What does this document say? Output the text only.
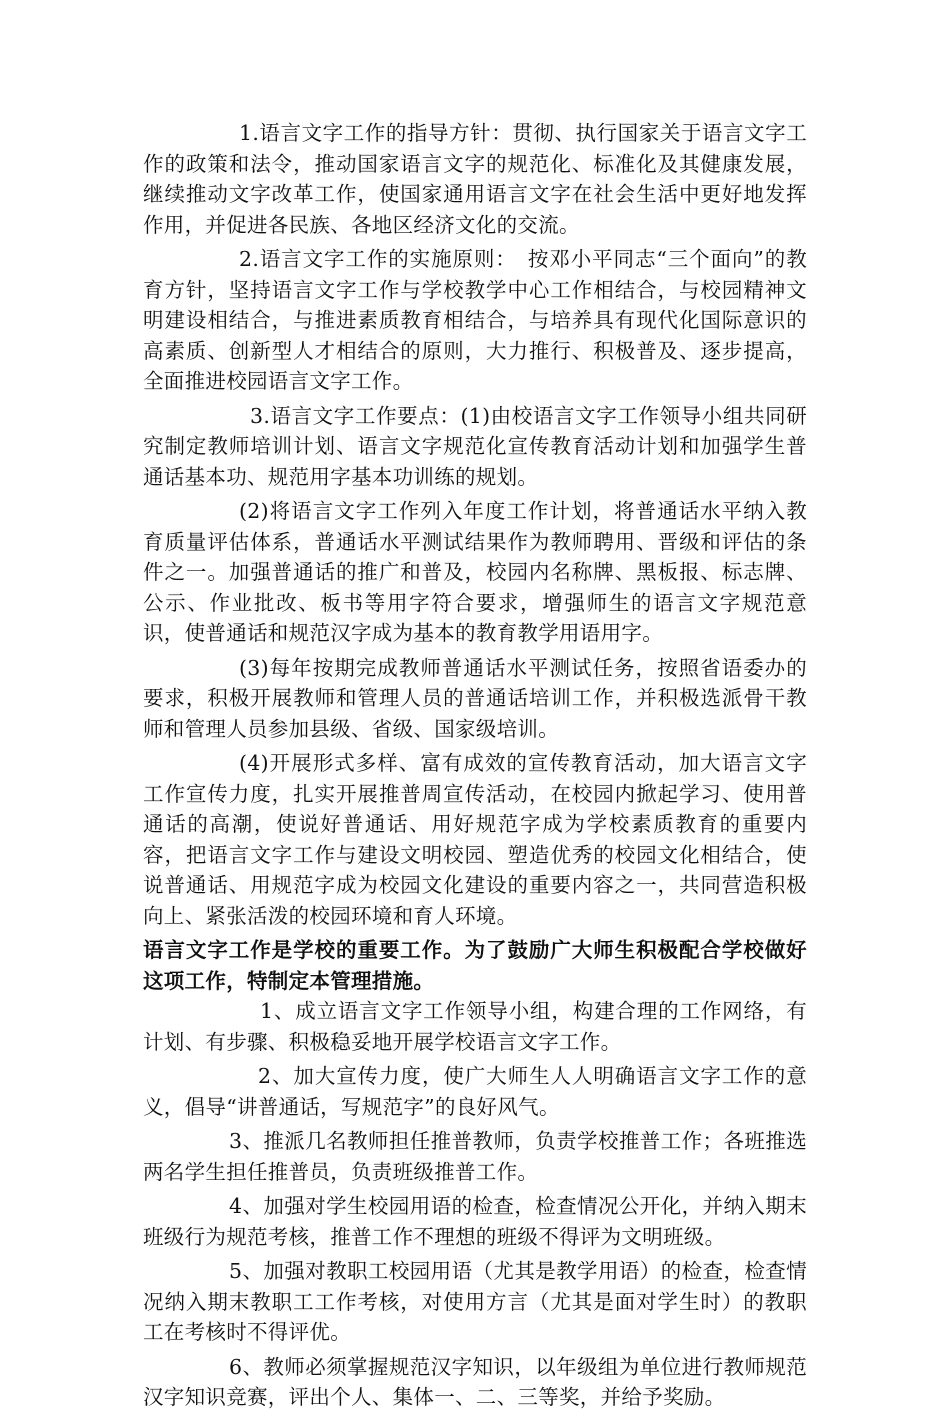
1.语言文字工作的指导方针：贯彻、执行国家关于语言文字工作的政策和法令，推动国家语言文字的规范化、标准化及其健康发展，继续推动文字改革工作，使国家通用语言文字在社会生活中更好地发挥作用，并促进各民族、各地区经济文化的交流。

2.语言文字工作的实施原则：　按邓小平同志“三个面向”的教育方针，坚持语言文字工作与学校教学中心工作相结合，与校园精神文明建设相结合，与推进素质教育相结合，与培养具有现代化国际意识的高素质、创新型人才相结合的原则，大力推行、积极普及、逐步提高，全面推进校园语言文字工作。

3.语言文字工作要点：(1)由校语言文字工作领导小组共同研究制定教师培训计划、语言文字规范化宣传教育活动计划和加强学生普通话基本功、规范用字基本功训练的规划。

(2)将语言文字工作列入年度工作计划，将普通话水平纳入教育质量评估体系，普通话水平测试结果作为教师聘用、晋级和评估的条件之一。加强普通话的推广和普及，校园内名称牌、黑板报、标志牌、公示、作业批改、板书等用字符合要求，增强师生的语言文字规范意识，使普通话和规范汉字成为基本的教育教学用语用字。

(3)每年按期完成教师普通话水平测试任务，按照省语委办的要求，积极开展教师和管理人员的普通话培训工作，并积极选派骨干教师和管理人员参加县级、省级、国家级培训。

(4)开展形式多样、富有成效的宣传教育活动，加大语言文字工作宣传力度，扎实开展推普周宣传活动，在校园内掀起学习、使用普通话的高潮，使说好普通话、用好规范字成为学校素质教育的重要内容，把语言文字工作与建设文明校园、塑造优秀的校园文化相结合，使说普通话、用规范字成为校园文化建设的重要内容之一，共同营造积极向上、紧张活泼的校园环境和育人环境。

语言文字工作是学校的重要工作。为了鼓励广大师生积极配合学校做好这项工作，特制定本管理措施。

1、成立语言文字工作领导小组，构建合理的工作网络，有计划、有步骤、积极稳妥地开展学校语言文字工作。

2、加大宣传力度，使广大师生人人明确语言文字工作的意义，倡导“讲普通话，写规范字”的良好风气。

3、推派几名教师担任推普教师，负责学校推普工作；各班推选两名学生担任推普员，负责班级推普工作。

4、加强对学生校园用语的检查，检查情况公开化，并纳入期末班级行为规范考核，推普工作不理想的班级不得评为文明班级。

5、加强对教职工校园用语（尤其是教学用语）的检查，检查情况纳入期末教职工工作考核，对使用方言（尤其是面对学生时）的教职工在考核时不得评优。

6、教师必须掌握规范汉字知识，以年级组为单位进行教师规范汉字知识竞赛，评出个人、集体一、二、三等奖，并给予奖励。
